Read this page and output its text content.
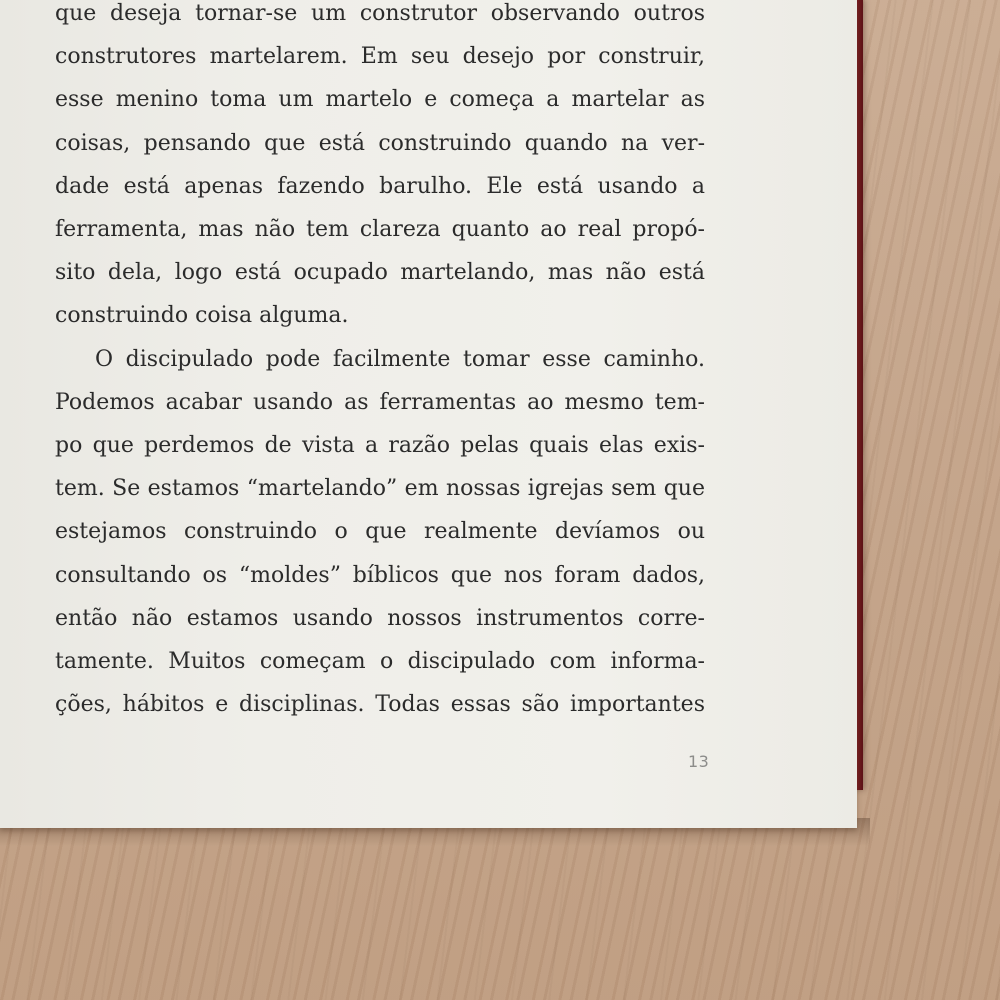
que deseja tornar-se um construtor observando outros
construtores martelarem. Em seu desejo por construir,
esse menino toma um martelo e começa a martelar as
coisas, pensando que está construindo quando na ver-
dade está apenas fazendo barulho. Ele está usando a
ferramenta, mas não tem clareza quanto ao real propó-
sito dela, logo está ocupado martelando, mas não está
construindo coisa alguma.
O discipulado pode facilmente tomar esse caminho.
Podemos acabar usando as ferramentas ao mesmo tem-
po que perdemos de vista a razão pelas quais elas exis-
tem. Se estamos “martelando” em nossas igrejas sem que
estejamos construindo o que realmente devíamos ou
consultando os “moldes” bíblicos que nos foram dados,
então não estamos usando nossos instrumentos corre-
tamente. Muitos começam o discipulado com informa-
ções, hábitos e disciplinas. Todas essas são importantes
13
